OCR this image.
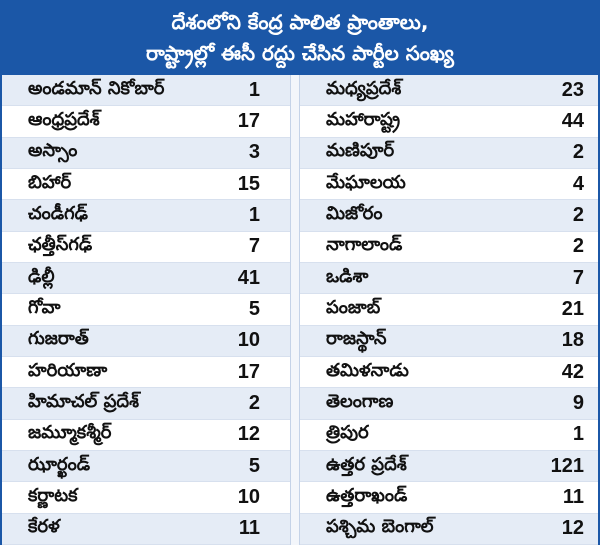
దేశంలోని కేంద్ర పాలిత ప్రాంతాలు,
రాష్ట్రాల్లో ఈసీ రద్దు చేసిన పార్టీల సంఖ్య
అండమాన్ నికోబార్	1
ఆంధ్రప్రదేశ్	17
అస్సాం	3
బిహార్	15
చండీగఢ్	1
ఛత్తీస్‌గఢ్	7
ఢిల్లీ	41
గోవా	5
గుజరాత్	10
హరియాణా	17
హిమాచల్ ప్రదేశ్	2
జమ్మూకశ్మీర్	12
ఝార్ఖండ్	5
కర్ణాటక	10
కేరళ	11
మధ్యప్రదేశ్	23
మహారాష్ట్ర	44
మణిపూర్	2
మేఘాలయ	4
మిజోరం	2
నాగాలాండ్	2
ఒడిశా	7
పంజాబ్	21
రాజస్థాన్	18
తమిళనాడు	42
తెలంగాణ	9
త్రిపుర	1
ఉత్తర ప్రదేశ్	121
ఉత్తరాఖండ్	11
పశ్చిమ బెంగాల్	12
